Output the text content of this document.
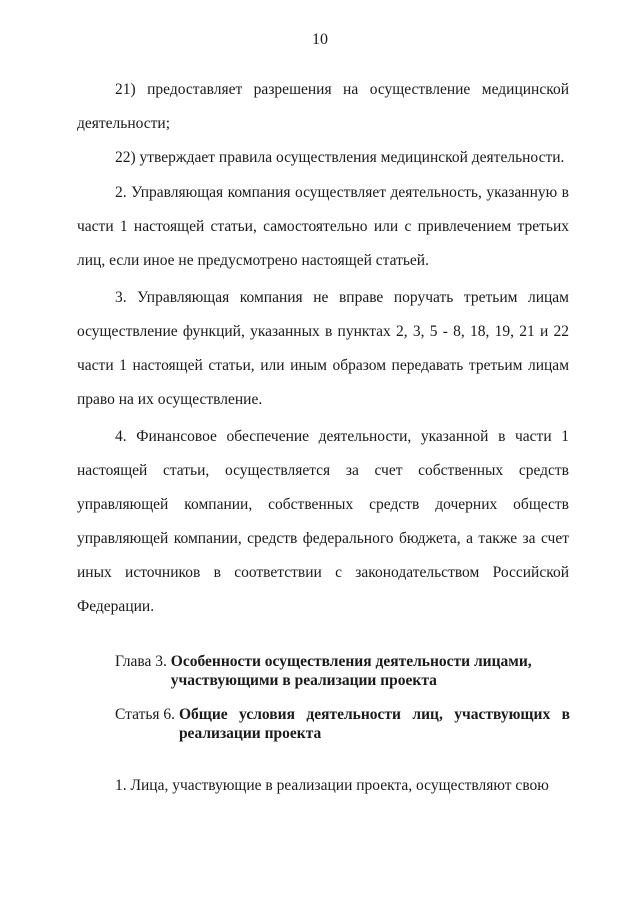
10

21) предоставляет разрешения на осуществление медицинской деятельности;

22) утверждает правила осуществления медицинской деятельности.

2. Управляющая компания осуществляет деятельность, указанную в части 1 настоящей статьи, самостоятельно или с привлечением третьих лиц, если иное не предусмотрено настоящей статьей.

3. Управляющая компания не вправе поручать третьим лицам осуществление функций, указанных в пунктах 2, 3, 5 - 8, 18, 19, 21 и 22 части 1 настоящей статьи, или иным образом передавать третьим лицам право на их осуществление.

4. Финансовое обеспечение деятельности, указанной в части 1 настоящей статьи, осуществляется за счет собственных средств управляющей компании, собственных средств дочерних обществ управляющей компании, средств федерального бюджета, а также за счет иных источников в соответствии с законодательством Российской Федерации.

Глава 3. Особенности осуществления деятельности лицами, участвующими в реализации проекта
Статья 6. Общие условия деятельности лиц, участвующих в реализации проекта

1. Лица, участвующие в реализации проекта, осуществляют свою
